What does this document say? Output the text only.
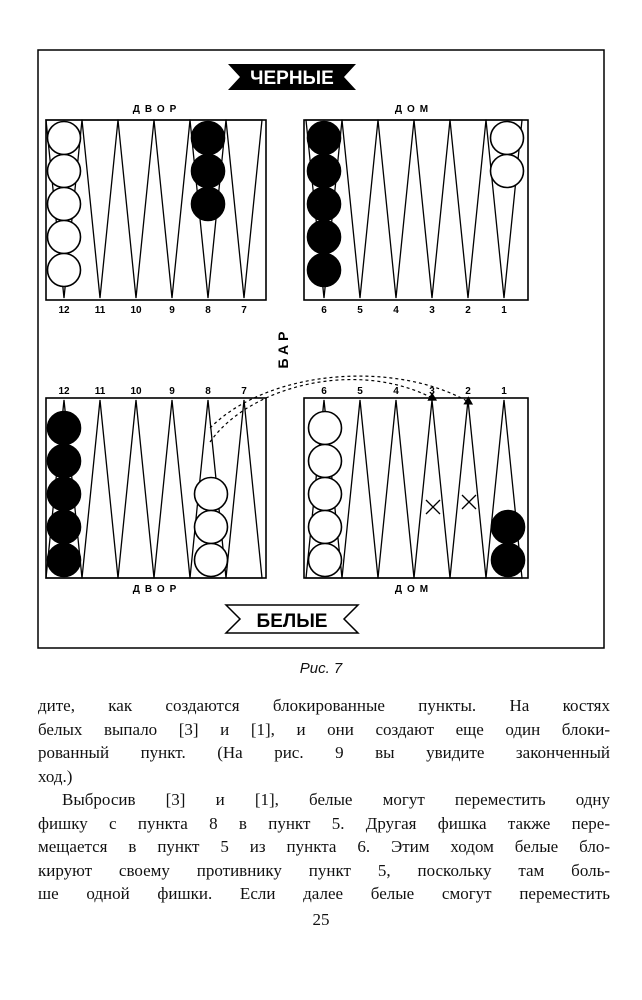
ЧЕРНЫЕ
БЕЛЫЕ
ДВОР	ДОМ
ДВОР	ДОМ
БАР
12	11	10	9	8	7	6	5	4	3	2	1
12	11	10	9	8	7	6	5	4	3	2	1
Рис. 7
дите, как создаются блокированные пункты. На костях
белых выпало [3] и [1], и они создают еще один блоки-
рованный пункт. (На рис. 9 вы увидите законченный
ход.)
Выбросив [3] и [1], белые могут переместить одну
фишку с пункта 8 в пункт 5. Другая фишка также пере-
мещается в пункт 5 из пункта 6. Этим ходом белые бло-
кируют своему противнику пункт 5, поскольку там боль-
ше одной фишки. Если далее белые смогут переместить
25
